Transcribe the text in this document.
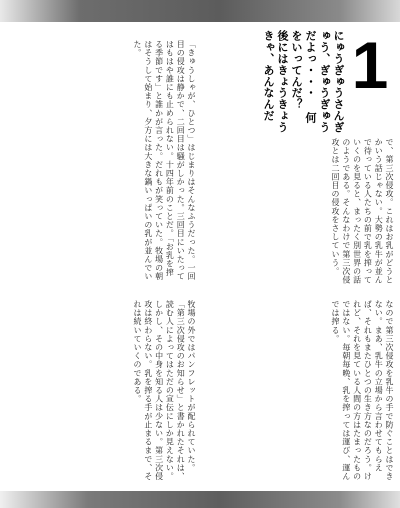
1
にゅうぎゅうさんぎゅう、ぎゅうぎゅうだよっ・・・ 何をいってんだ？ 後にはきょうきょうきゃ、あんなんだ
で、第三次侵攻。これはお乳がどうとかいう話じゃない。大勢の乳牛が並んで待っている人たちの前で乳を搾っていくのを見ると、まったく別世界の話のようである。そんなわけで第三次侵攻とは二回目の侵攻をさしていう。
「きゅうしゃが、ひとつ」はじまりはそんなふうだった。一回目の侵攻は静かで、二回目は騒がしかった。三回目にいたってはもはや誰にも止められない。十四年前のことだ。「お乳を搾る季節です」と誰かが言った。だれもが笑っていた。牧場の朝はそうして始まり、夕方には大きな鍋いっぱいの乳が並んでいた。
なので第三次侵攻を乳牛の手で防ぐことはできない。まあ、乳牛の立場から言わせてもらえば、それもまたひとつの生き方なのだろう。けれど、それを見ている人間の方はたまったものではない。毎朝毎晩、乳を搾っては運び、運んでは搾る。
牧場の外ではパンフレットが配られていた。「第三次侵攻のお知らせ」と書かれたそれは、読む人によってはただの宣伝にしか見えない。しかし、その中身を知る人は少ない。第三次侵攻は終わらない。乳を搾る手が止まるまで、それは続いていくのである。
